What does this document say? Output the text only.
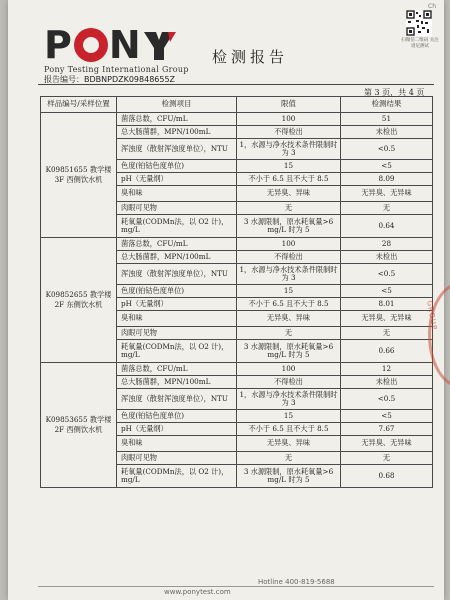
Ch
P N
Pony Testing International Group
检测报告
扫微信二维码 关注谱尼测试
报告编号：BDBNPDZK09848655Z
第 3 页，共 4 页
样品编号/采样位置	检测项目	限值	检测结果
K09851655 教学楼 3F 西侧饮水机	菌落总数，CFU/mL	100	51
	总大肠菌群，MPN/100mL	不得检出	未检出
	浑浊度（散射浑浊度单位），NTU	1，水源与净水技术条件限制时为 3	<0.5
	色度(铂钴色度单位)	15	<5
	pH（无量纲）	不小于 6.5 且不大于 8.5	8.09
	臭和味	无异臭、异味	无异臭、无异味
	肉眼可见物	无	无
	耗氧量(CODMn法，以 O2 计)，mg/L	3 水源限制，原水耗氧量>6 mg/L 时为 5	0.64
K09852655 教学楼 2F 东侧饮水机	菌落总数，CFU/mL	100	28
	总大肠菌群，MPN/100mL	不得检出	未检出
	浑浊度（散射浑浊度单位），NTU	1，水源与净水技术条件限制时为 3	<0.5
	色度(铂钴色度单位)	15	<5
	pH（无量纲）	不小于 6.5 且不大于 8.5	8.01
	臭和味	无异臭、异味	无异臭、无异味
	肉眼可见物	无	无
	耗氧量(CODMn法，以 O2 计)，mg/L	3 水源限制，原水耗氧量>6 mg/L 时为 5	0.66
K09853655 教学楼 2F 西侧饮水机	菌落总数，CFU/mL	100	12
	总大肠菌群，MPN/100mL	不得检出	未检出
	浑浊度（散射浑浊度单位），NTU	1，水源与净水技术条件限制时为 3	<0.5
	色度(铂钴色度单位)	15	<5
	pH（无量纲）	不小于 6.5 且不大于 8.5	7.67
	臭和味	无异臭、异味	无异臭、无异味
	肉眼可见物	无	无
	耗氧量(CODMn法，以 O2 计)，mg/L	3 水源限制，原水耗氧量>6 mg/L 时为 5	0.68
GROUP
Hotline 400-819-5688
www.ponytest.com
